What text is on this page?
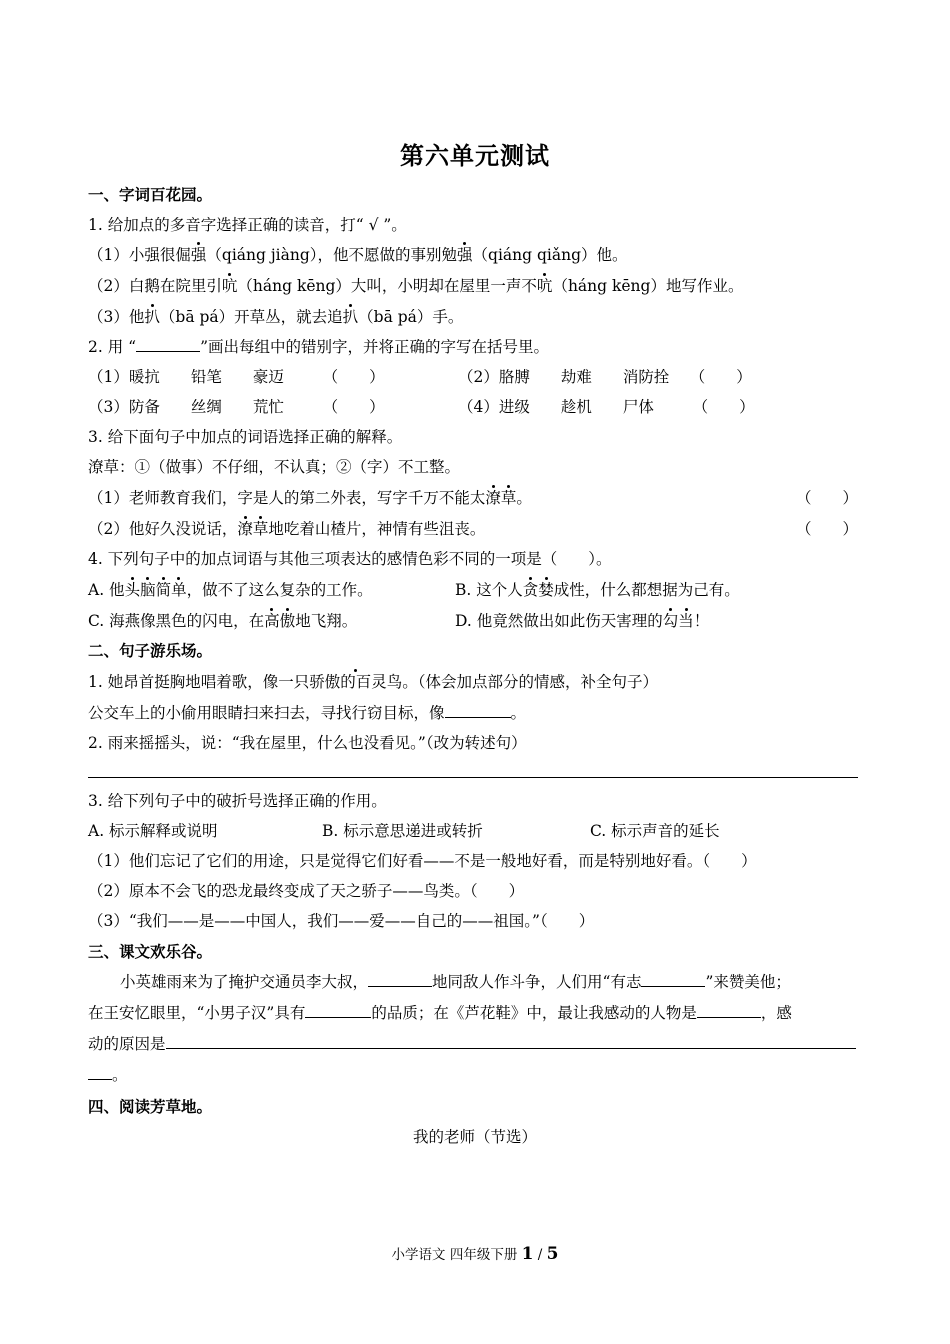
第六单元测试
一、字词百花园。
1. 给加点的多音字选择正确的读音，打“ √ ”。
（1）小强很倔强（qiáng jiàng），他不愿做的事别勉强（qiáng qiǎng）他。
（2）白鹅在院里引吭（háng kēng）大叫，小明却在屋里一声不吭（háng kēng）地写作业。
（3）他扒（bā pá）开草丛，就去追扒（bā pá）手。
2. 用 “	”画出每组中的错别字，并将正确的字写在括号里。
（1）暖抗　　铅笔　　豪迈　　　（　　）	（2）胳膊　　劫难　　消防拴　 （　　）
（3）防备　　丝绸　　荒忙　　　（　　）	（4）进级　　趁机　　尸体　　　（　　）
3. 给下面句子中加点的词语选择正确的解释。
潦草：①（做事）不仔细，不认真；②（字）不工整。
（1）老师教育我们，字是人的第二外表，写字千万不能太潦草。	（　　）
（2）他好久没说话，潦草地吃着山楂片，神情有些沮丧。	（　　）
4. 下列句子中的加点词语与其他三项表达的感情色彩不同的一项是（　　）。
A. 他头脑简单，做不了这么复杂的工作。	B. 这个人贪婪成性，什么都想据为己有。
C. 海燕像黑色的闪电，在高傲地飞翔。	D. 他竟然做出如此伤天害理的勾当！
二、句子游乐场。
1. 她昂首挺胸地唱着歌，像一只骄傲的百灵鸟。（体会加点部分的情感，补全句子）
公交车上的小偷用眼睛扫来扫去，寻找行窃目标，像	。
2. 雨来摇摇头，说：“我在屋里，什么也没看见。”（改为转述句）
3. 给下列句子中的破折号选择正确的作用。
A. 标示解释或说明	B. 标示意思递进或转折	C. 标示声音的延长
（1）他们忘记了它们的用途，只是觉得它们好看——不是一般地好看，而是特别地好看。（　　）
（2）原本不会飞的恐龙最终变成了天之骄子——鸟类。（　　）
（3）“我们——是——中国人，我们——爱——自己的——祖国。”（　　）
三、课文欢乐谷。
小英雄雨来为了掩护交通员李大叔，	地同敌人作斗争，人们用“有志	”来赞美他；
在王安忆眼里，“小男子汉”具有	的品质；在《芦花鞋》中，最让我感动的人物是	，感
动的原因是
。
四、阅读芳草地。
我的老师（节选）
小学语文 四年级下册 1 / 5
